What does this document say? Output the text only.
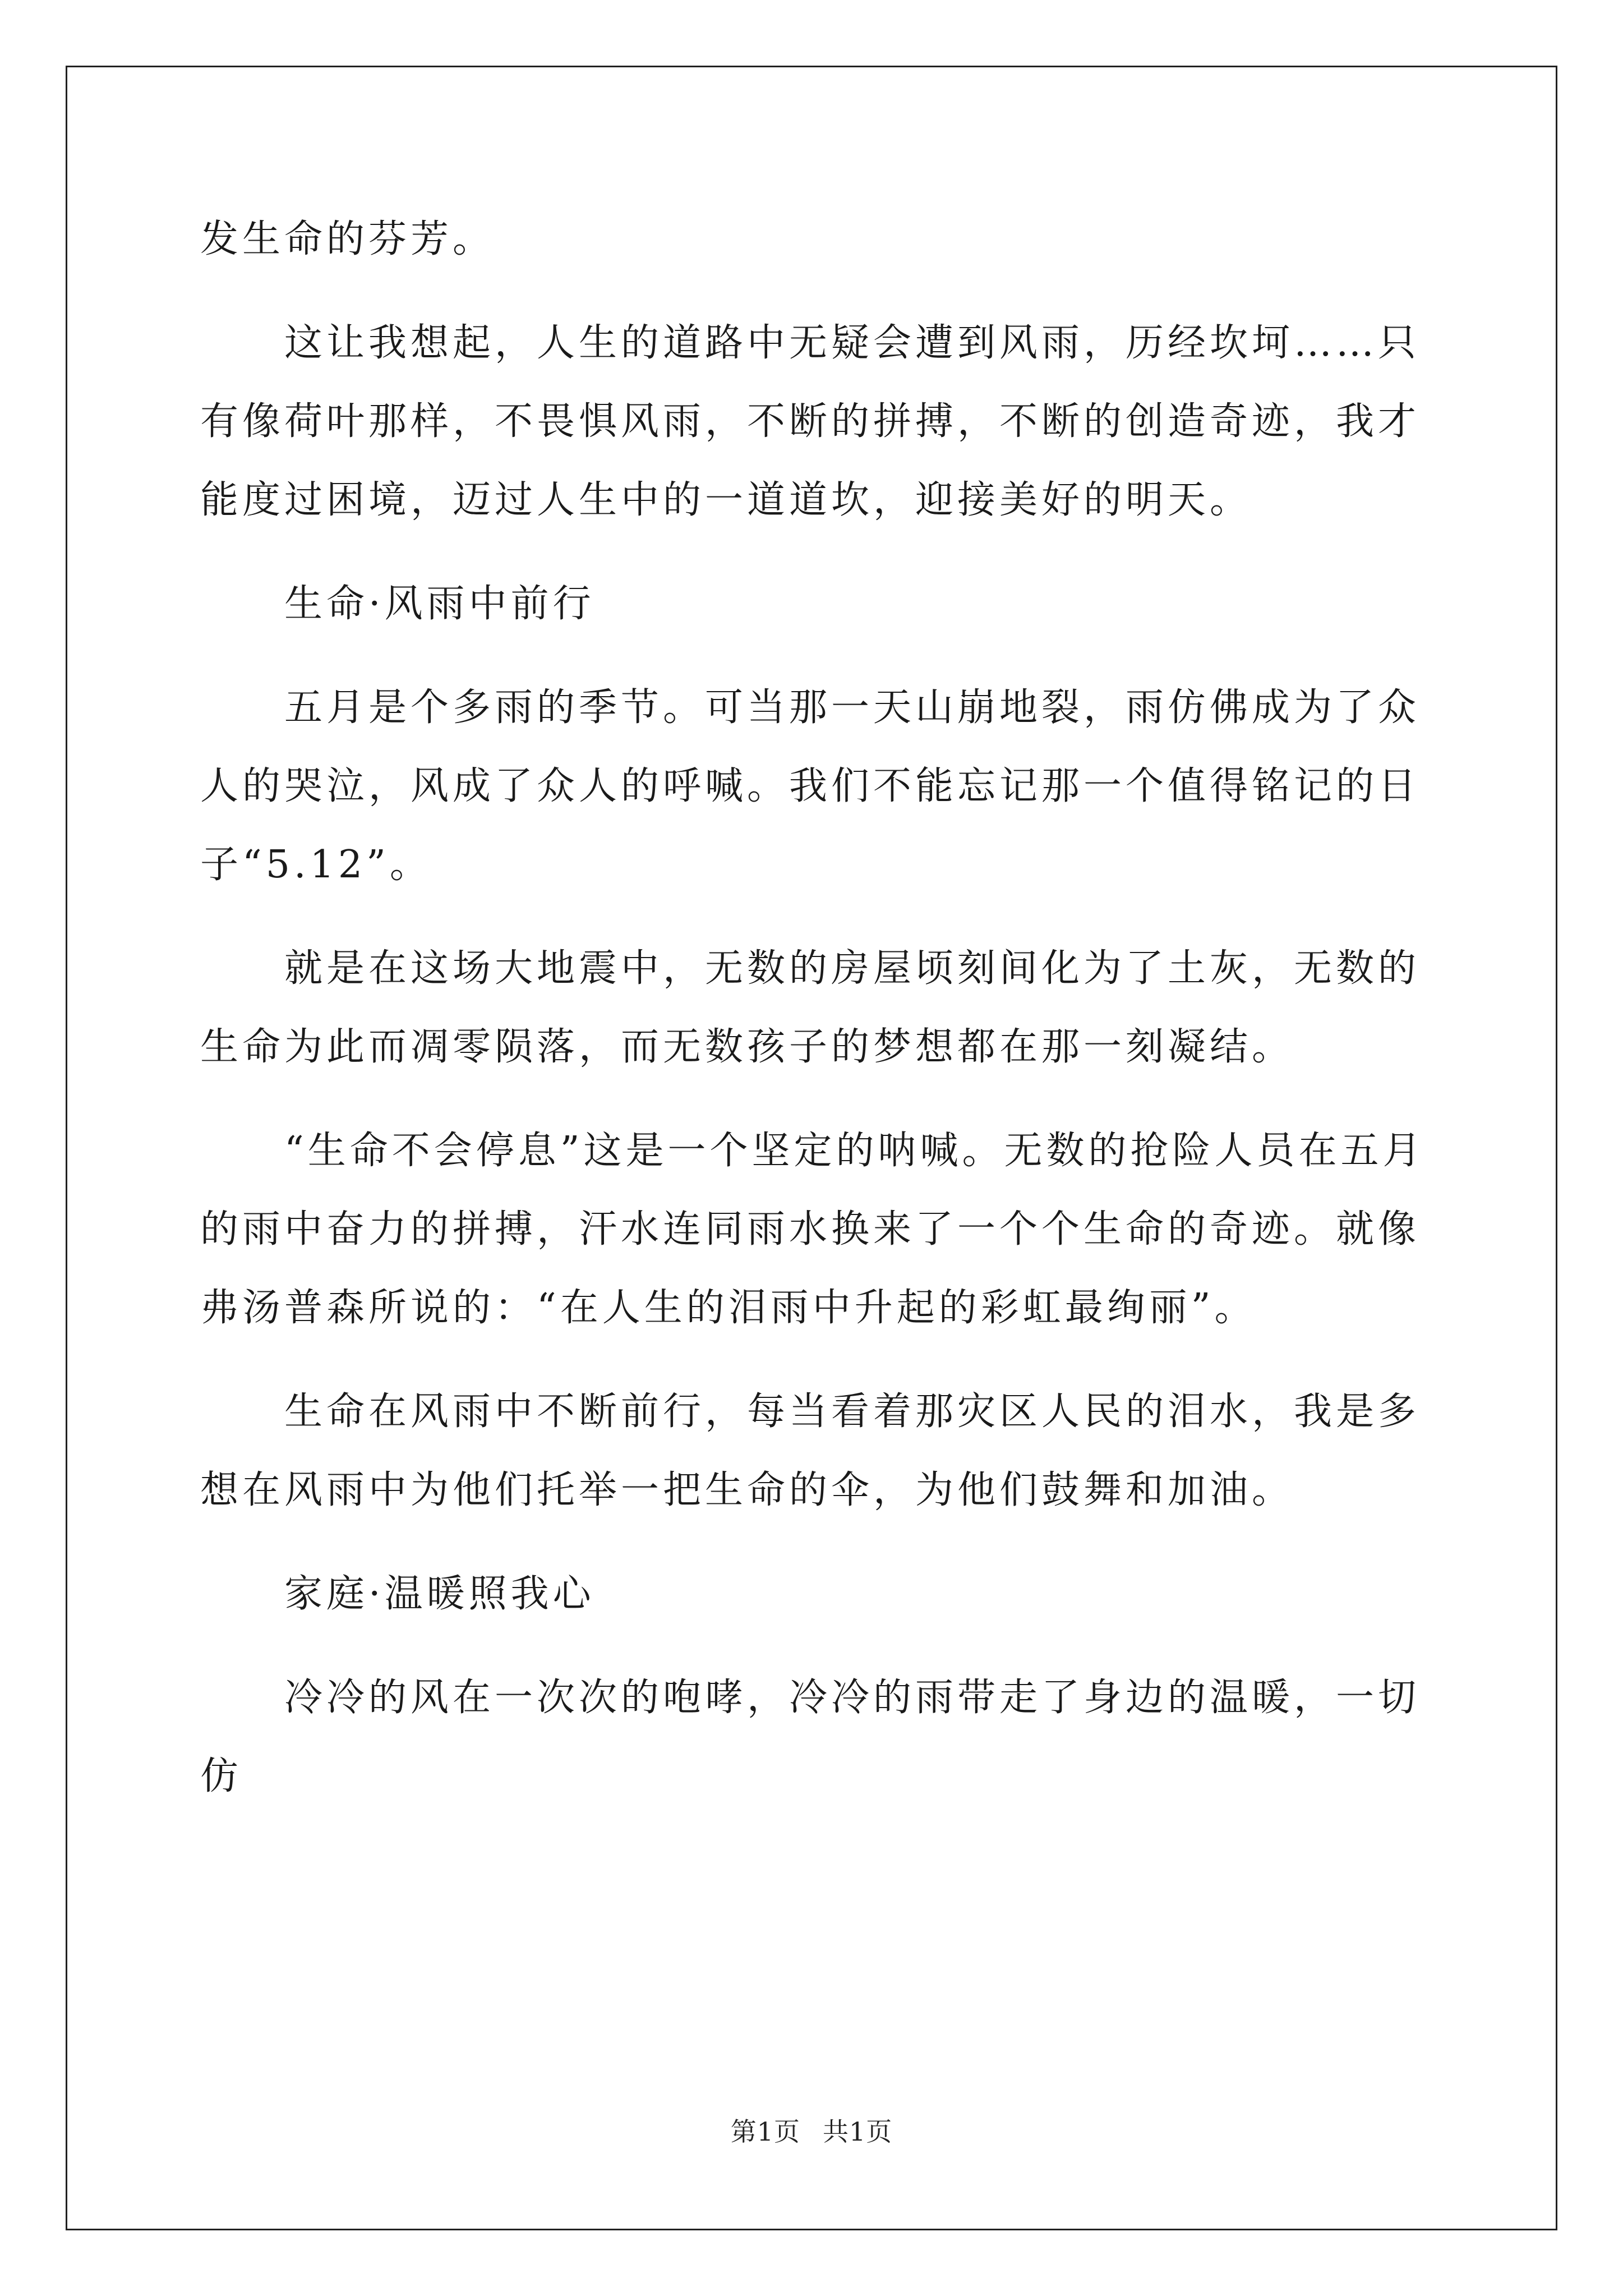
发生命的芬芳。

这让我想起，人生的道路中无疑会遭到风雨，历经坎坷……只有像荷叶那样，不畏惧风雨，不断的拼搏，不断的创造奇迹，我才能度过困境，迈过人生中的一道道坎，迎接美好的明天。

生命·风雨中前行

五月是个多雨的季节。可当那一天山崩地裂，雨仿佛成为了众人的哭泣，风成了众人的呼喊。我们不能忘记那一个值得铭记的日子“5.12”。

就是在这场大地震中，无数的房屋顷刻间化为了土灰，无数的生命为此而凋零陨落，而无数孩子的梦想都在那一刻凝结。

“生命不会停息”这是一个坚定的呐喊。无数的抢险人员在五月的雨中奋力的拼搏，汗水连同雨水换来了一个个生命的奇迹。就像弗汤普森所说的：“在人生的泪雨中升起的彩虹最绚丽”。

生命在风雨中不断前行，每当看着那灾区人民的泪水，我是多想在风雨中为他们托举一把生命的伞，为他们鼓舞和加油。

家庭·温暖照我心

冷冷的风在一次次的咆哮，冷冷的雨带走了身边的温暖，一切仿

第1页 共1页
